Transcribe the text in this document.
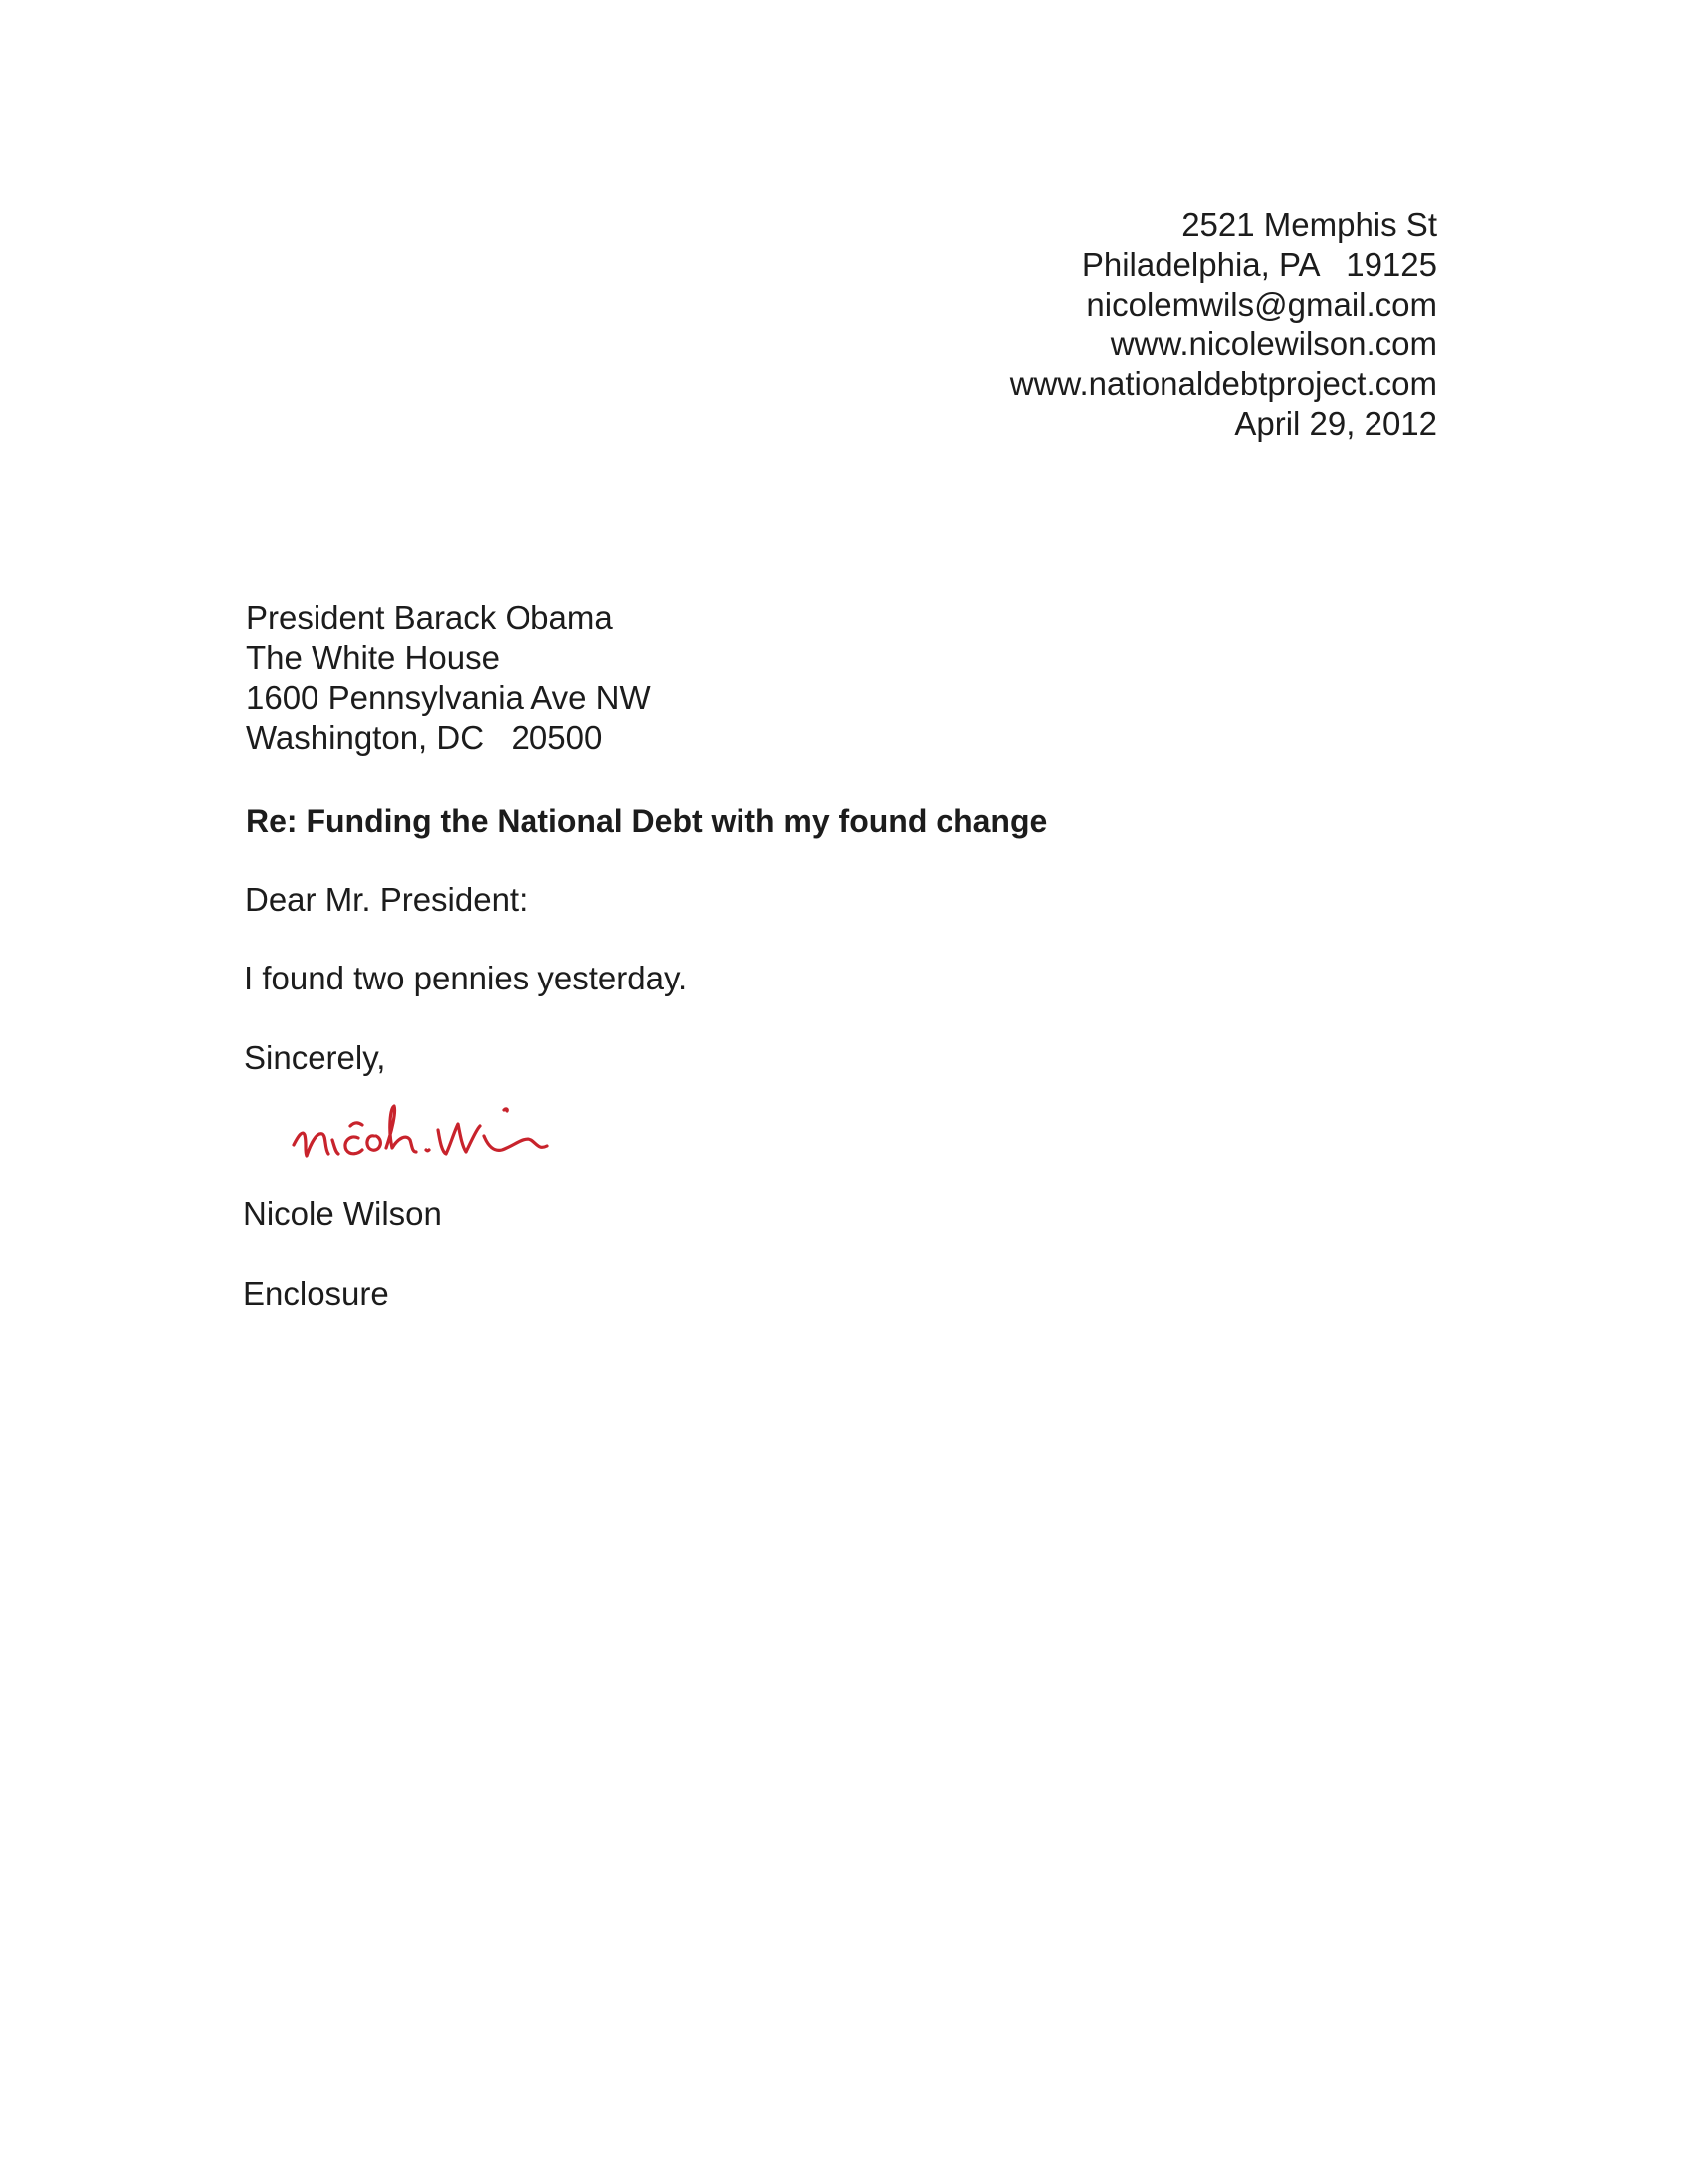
2521 Memphis St
Philadelphia, PA   19125
nicolemwils@gmail.com
www.nicolewilson.com
www.nationaldebtproject.com
April 29, 2012
President Barack Obama
The White House
1600 Pennsylvania Ave NW
Washington, DC   20500
Re: Funding the National Debt with my found change
Dear Mr. President:
I found two pennies yesterday.
Sincerely,
Nicole Wilson
Enclosure
